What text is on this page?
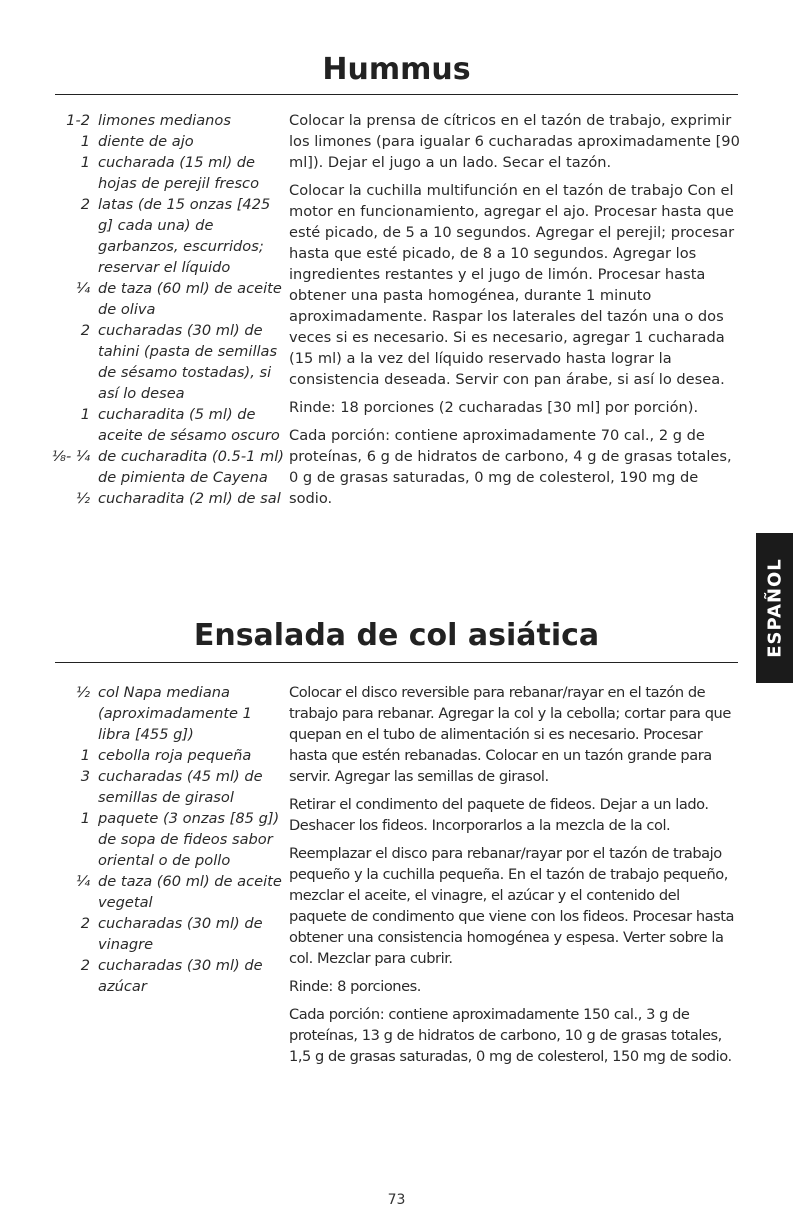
Hummus
1-2 limones medianos
1 diente de ajo
1 cucharada (15 ml) de hojas de perejil fresco
2 latas (de 15 onzas [425 g] cada una) de garbanzos, escurridos; reservar el líquido
¼ de taza (60 ml) de aceite de oliva
2 cucharadas (30 ml) de tahini (pasta de semillas de sésamo tostadas), si así lo desea
1 cucharadita (5 ml) de aceite de sésamo oscuro
⅛- ¼ de cucharadita (0.5-1 ml) de pimienta de Cayena
½ cucharadita (2 ml) de sal

Colocar la prensa de cítricos en el tazón de trabajo, exprimir los limones (para igualar 6 cucharadas aproximadamente [90 ml]). Dejar el jugo a un lado. Secar el tazón.

Colocar la cuchilla multifunción en el tazón de trabajo Con el motor en funcionamiento, agregar el ajo. Procesar hasta que esté picado, de 5 a 10 segundos. Agregar el perejil; procesar hasta que esté picado, de 8 a 10 segundos. Agregar los ingredientes restantes y el jugo de limón. Procesar hasta obtener una pasta homogénea, durante 1 minuto aproximadamente. Raspar los laterales del tazón una o dos veces si es necesario. Si es necesario, agregar 1 cucharada (15 ml) a la vez del líquido reservado hasta lograr la consistencia deseada. Servir con pan árabe, si así lo desea.

Rinde: 18 porciones (2 cucharadas [30 ml] por porción).

Cada porción: contiene aproximadamente 70 cal., 2 g de proteínas, 6 g de hidratos de carbono, 4 g de grasas totales, 0 g de grasas saturadas, 0 mg de colesterol, 190 mg de sodio.

Ensalada de col asiática
½ col Napa mediana (aproximadamente 1 libra [455 g])
1 cebolla roja pequeña
3 cucharadas (45 ml) de semillas de girasol
1 paquete (3 onzas [85 g]) de sopa de fideos sabor oriental o de pollo
¼ de taza (60 ml) de aceite vegetal
2 cucharadas (30 ml) de vinagre
2 cucharadas (30 ml) de azúcar

Colocar el disco reversible para rebanar/rayar en el tazón de trabajo para rebanar. Agregar la col y la cebolla; cortar para que quepan en el tubo de alimentación si es necesario. Procesar hasta que estén rebanadas. Colocar en un tazón grande para servir. Agregar las semillas de girasol.

Retirar el condimento del paquete de fideos. Dejar a un lado. Deshacer los fideos. Incorporarlos a la mezcla de la col.

Reemplazar el disco para rebanar/rayar por el tazón de trabajo pequeño y la cuchilla pequeña. En el tazón de trabajo pequeño, mezclar el aceite, el vinagre, el azúcar y el contenido del paquete de condimento que viene con los fideos. Procesar hasta obtener una consistencia homogénea y espesa. Verter sobre la col. Mezclar para cubrir.

Rinde: 8 porciones.

Cada porción: contiene aproximadamente 150 cal., 3 g de proteínas, 13 g de hidratos de carbono, 10 g de grasas totales, 1,5 g de grasas saturadas, 0 mg de colesterol, 150 mg de sodio.

ESPAÑOL
73
